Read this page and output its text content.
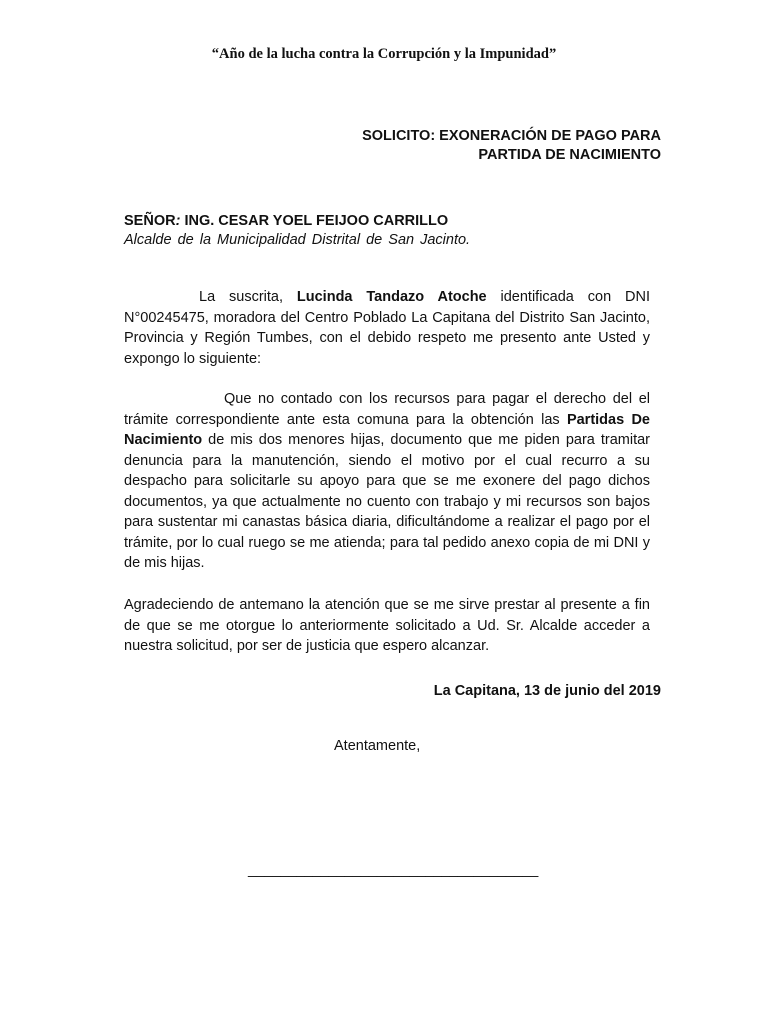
“Año de la lucha contra la Corrupción y la Impunidad”
SOLICITO: EXONERACIÓN DE PAGO PARA
PARTIDA DE NACIMIENTO
SEÑOR: ING. CESAR YOEL FEIJOO CARRILLO
Alcalde de la Municipalidad Distrital de San Jacinto.

La suscrita, Lucinda Tandazo Atoche identificada con DNI N°00245475, moradora del Centro Poblado La Capitana del Distrito San Jacinto, Provincia y Región Tumbes, con el debido respeto me presento ante Usted y expongo lo siguiente:

Que no contado con los recursos para pagar el derecho del el trámite correspondiente ante esta comuna para la obtención las Partidas De Nacimiento de mis dos menores hijas, documento que me piden para tramitar denuncia para la manutención, siendo el motivo por el cual recurro a su despacho para solicitarle su apoyo para que se me exonere del pago dichos documentos, ya que actualmente no cuento con trabajo y mi recursos son bajos para sustentar mi canastas básica diaria, dificultándome a realizar el pago por el trámite, por lo cual ruego se me atienda; para tal pedido anexo copia de mi DNI y de mis hijas.

Agradeciendo de antemano la atención que se me sirve prestar al presente a fin de que se me otorgue lo anteriormente solicitado a Ud. Sr. Alcalde acceder a nuestra solicitud, por ser de justicia que espero alcanzar.

La Capitana, 13 de junio del 2019
Atentamente,
____________________________________
